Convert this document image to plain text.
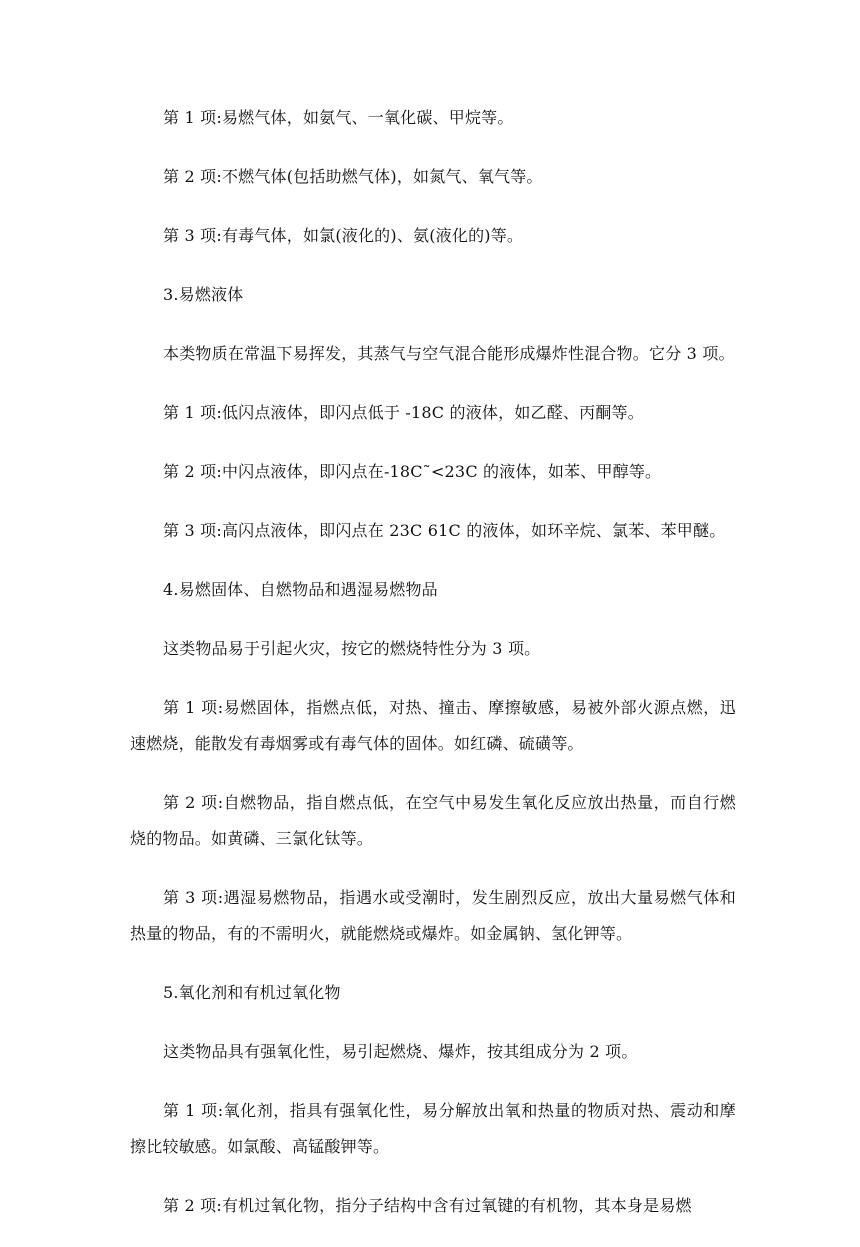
第 1 项:易燃气体，如氨气、一氧化碳、甲烷等。

第 2 项:不燃气体(包括助燃气体)，如氮气、氧气等。

第 3 项:有毒气体，如氯(液化的)、氨(液化的)等。

3.易燃液体

本类物质在常温下易挥发，其蒸气与空气混合能形成爆炸性混合物。它分 3 项。

第 1 项:低闪点液体，即闪点低于 -18C 的液体，如乙醛、丙酮等。

第 2 项:中闪点液体，即闪点在-18C˜<23C 的液体，如苯、甲醇等。

第 3 项:高闪点液体，即闪点在 23C 61C 的液体，如环辛烷、氯苯、苯甲醚。

4.易燃固体、自燃物品和遇湿易燃物品

这类物品易于引起火灾，按它的燃烧特性分为 3 项。

第 1 项:易燃固体，指燃点低，对热、撞击、摩擦敏感，易被外部火源点燃，迅速燃烧，能散发有毒烟雾或有毒气体的固体。如红磷、硫磺等。

第 2 项:自燃物品，指自燃点低，在空气中易发生氧化反应放出热量，而自行燃烧的物品。如黄磷、三氯化钛等。

第 3 项:遇湿易燃物品，指遇水或受潮时，发生剧烈反应，放出大量易燃气体和热量的物品，有的不需明火，就能燃烧或爆炸。如金属钠、氢化钾等。

5.氧化剂和有机过氧化物

这类物品具有强氧化性，易引起燃烧、爆炸，按其组成分为 2 项。

第 1 项:氧化剂，指具有强氧化性，易分解放出氧和热量的物质对热、震动和摩擦比较敏感。如氯酸、高锰酸钾等。

第 2 项:有机过氧化物，指分子结构中含有过氧键的有机物，其本身是易燃
